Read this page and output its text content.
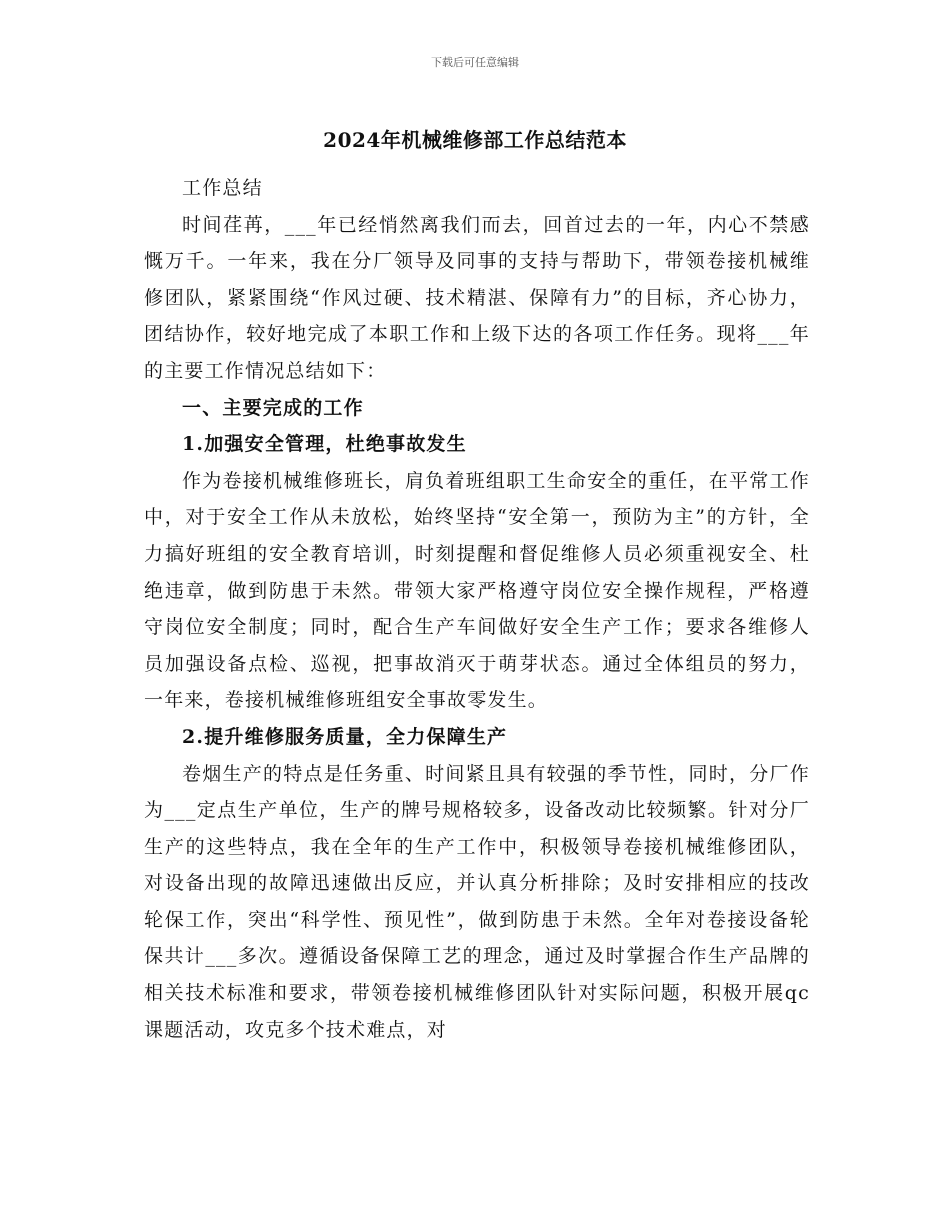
下载后可任意编辑
2024年机械维修部工作总结范本

工作总结

时间荏苒，___年已经悄然离我们而去，回首过去的一年，内心不禁感慨万千。一年来，我在分厂领导及同事的支持与帮助下，带领卷接机械维修团队，紧紧围绕“作风过硬、技术精湛、保障有力”的目标，齐心协力，团结协作，较好地完成了本职工作和上级下达的各项工作任务。现将___年的主要工作情况总结如下：

一、主要完成的工作

1.加强安全管理，杜绝事故发生

作为卷接机械维修班长，肩负着班组职工生命安全的重任，在平常工作中，对于安全工作从未放松，始终坚持“安全第一，预防为主”的方针，全力搞好班组的安全教育培训，时刻提醒和督促维修人员必须重视安全、杜绝违章，做到防患于未然。带领大家严格遵守岗位安全操作规程，严格遵守岗位安全制度；同时，配合生产车间做好安全生产工作；要求各维修人员加强设备点检、巡视，把事故消灭于萌芽状态。通过全体组员的努力，一年来，卷接机械维修班组安全事故零发生。

2.提升维修服务质量，全力保障生产

卷烟生产的特点是任务重、时间紧且具有较强的季节性，同时，分厂作为___定点生产单位，生产的牌号规格较多，设备改动比较频繁。针对分厂生产的这些特点，我在全年的生产工作中，积极领导卷接机械维修团队，对设备出现的故障迅速做出反应，并认真分析排除；及时安排相应的技改轮保工作，突出“科学性、预见性”，做到防患于未然。全年对卷接设备轮保共计___多次。遵循设备保障工艺的理念，通过及时掌握合作生产品牌的相关技术标准和要求，带领卷接机械维修团队针对实际问题，积极开展qc课题活动，攻克多个技术难点，对
